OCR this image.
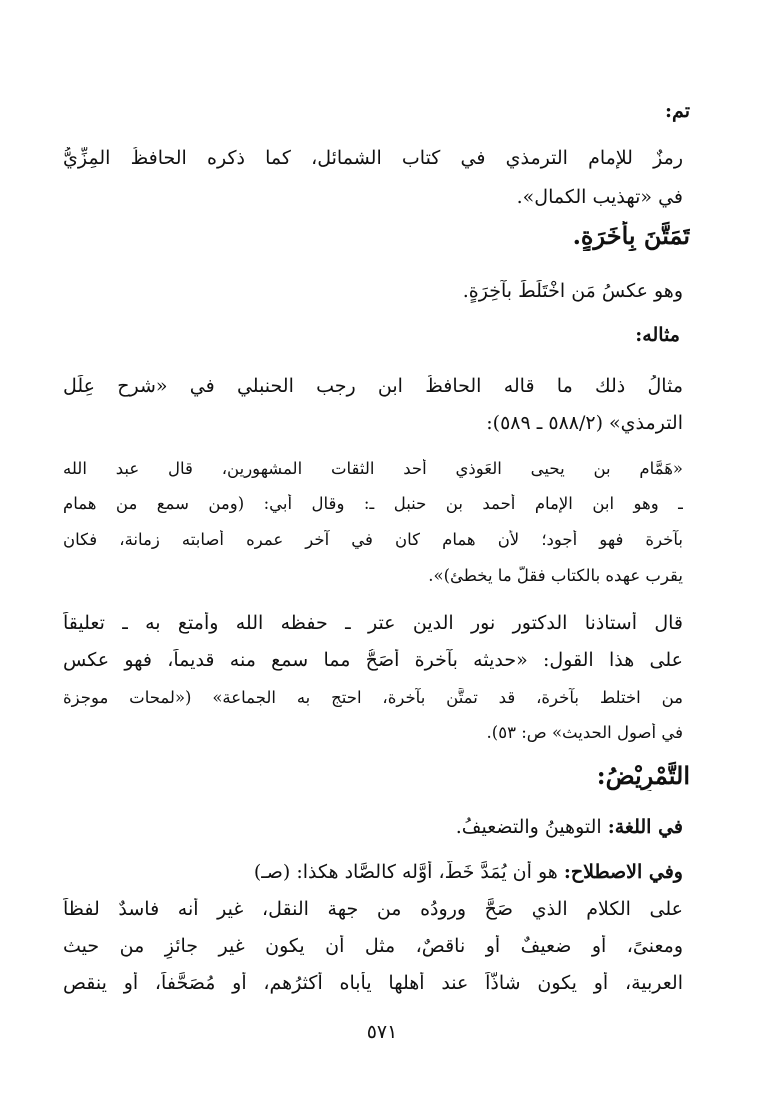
تم:
رمزٌ للإمام الترمذي في كتاب الشمائل، كما ذكره الحافظُ المِزِّيُّ
في «تهذيب الكمال».
تَمَتَّنَ بِأَخَرَةٍ.
وهو عكسُ مَن اخْتَلَطَ بآخِرَةٍ.
مثاله:
مثالُ ذلك ما قاله الحافظُ ابن رجب الحنبلي في «شرح عِلَل
الترمذي» (٥٨٨/٢ ـ ٥٨٩):
«هَمَّام بن يحيى العَوذي أحد الثقات المشهورين، قال عبد الله
ـ وهو ابن الإمام أحمد بن حنبل ـ: وقال أبي: (ومن سمع من همام
بآخرة فهو أجود؛ لأن همام كان في آخر عمره أصابته زمانة، فكان
يقرب عهده بالكتاب فقلَّ ما يخطئ)».
قال أستاذنا الدكتور نور الدين عتر ـ حفظه الله وأمتع به ـ تعليقاً
على هذا القول: «حديثه بآخرة أصَحُّ مما سمع منه قديماً، فهو عكس
من اختلط بآخرة، قد تمتَّن بآخرة، احتج به الجماعة» («لمحات موجزة
في أصول الحديث» ص: ٥٣).
التَّمْرِيْضُ:
في اللغة: التوهينُ والتضعيفُ.
وفي الاصطلاح: هو أن يُمَدَّ خَطٌّ، أوَّله كالصَّاد هكذا: (صـ)
على الكلام الذي صَحَّ ورودُه من جهة النقل، غير أنه فاسدٌ لفظاً
ومعنىً، أو ضعيفٌ أو ناقصٌ، مثل أن يكون غير جائزٍ من حيث
العربية، أو يكون شاذّاً عند أهلها يأباه أكثرُهم، أو مُصَحَّفاً، أو ينقص
٥٧١
